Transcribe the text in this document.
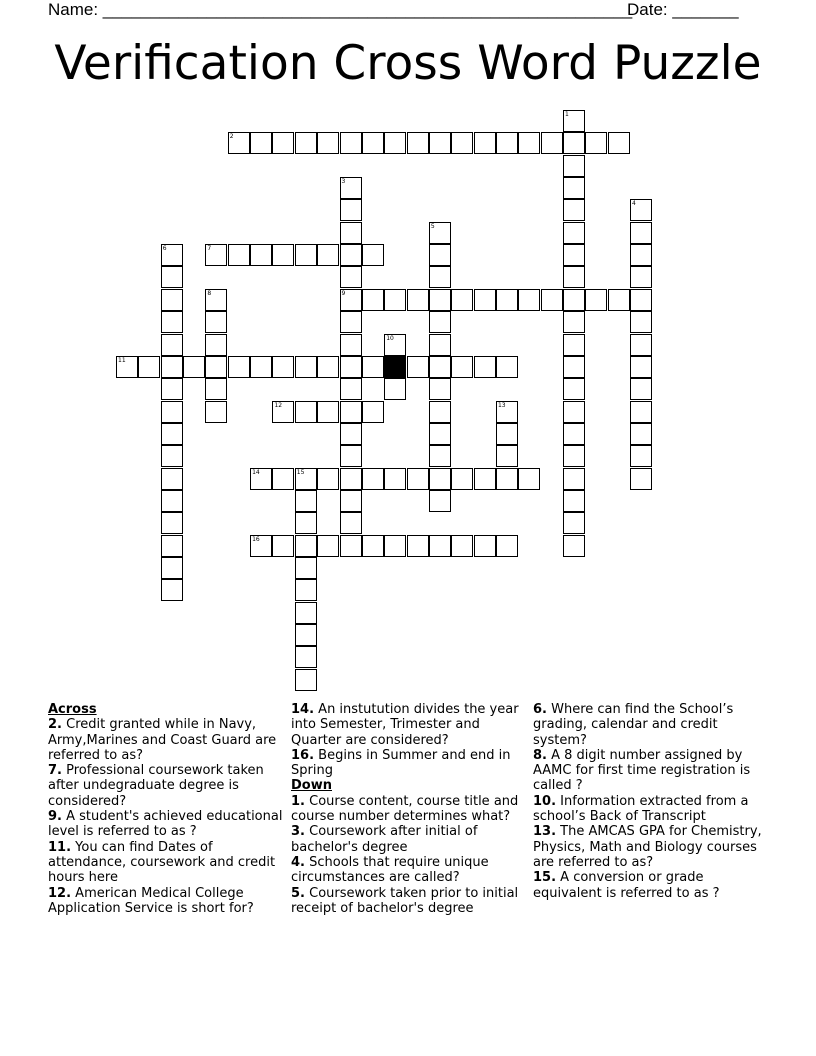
Name: ________________________________________________________
Date: _______
Verification Cross Word Puzzle
1
2
3
4
5
6	7
8	9
10
11
12	13
14	15
16
Across
2. Credit granted while in Navy, Army,Marines and Coast Guard are referred to as?
7. Professional coursework taken after undegraduate degree is considered?
9. A student's achieved educational level is referred to as ?
11. You can find Dates of attendance, coursework and credit hours here
12. American Medical College Application Service is short for?
14. An instutution divides the year into Semester, Trimester and Quarter are considered?
16. Begins in Summer and end in Spring
Down
1. Course content, course title and course number determines what?
3. Coursework after initial of bachelor's degree
4. Schools that require unique circumstances are called?
5. Coursework taken prior to initial receipt of bachelor's degree
6. Where can find the School’s grading, calendar and credit system?
8. A 8 digit number assigned by AAMC for first time registration is called ?
10. Information extracted from a school’s Back of Transcript
13. The AMCAS GPA for Chemistry, Physics, Math and Biology courses are referred to as?
15. A conversion or grade equivalent is referred to as ?
